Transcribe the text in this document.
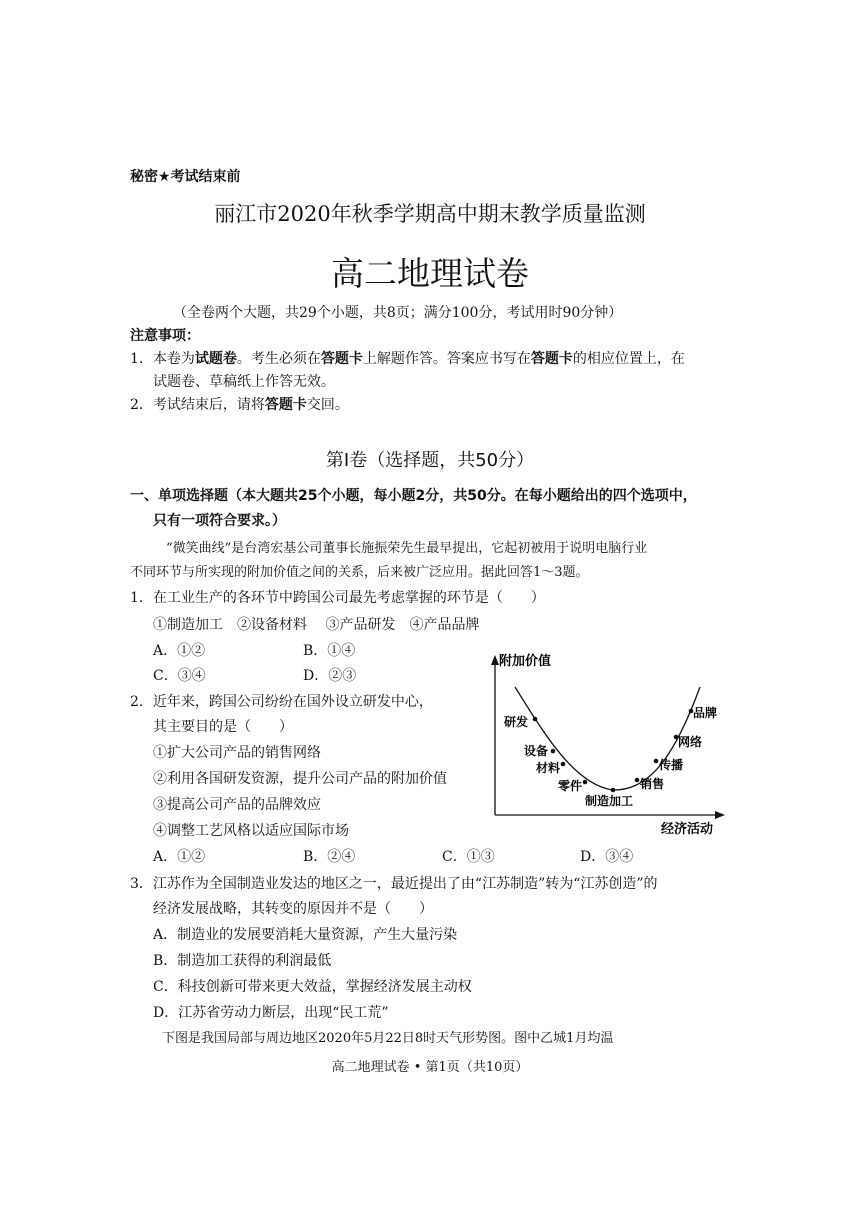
秘密★考试结束前
丽江市2020年秋季学期高中期末教学质量监测
高二地理试卷
（全卷两个大题，共29个小题，共8页；满分100分，考试用时90分钟）
注意事项：
1．本卷为试题卷。考生必须在答题卡上解题作答。答案应书写在答题卡的相应位置上，在
试题卷、草稿纸上作答无效。
2．考试结束后，请将答题卡交回。
第Ⅰ卷（选择题，共50分）
一、单项选择题（本大题共25个小题，每小题2分，共50分。在每小题给出的四个选项中，
只有一项符合要求。）
“微笑曲线”是台湾宏基公司董事长施振荣先生最早提出，它起初被用于说明电脑行业
不同环节与所实现的附加价值之间的关系，后来被广泛应用。据此回答1～3题。
1．在工业生产的各环节中跨国公司最先考虑掌握的环节是（　　）
①制造加工　②设备材料　 ③产品研发　④产品品牌
A．①②	B．①④
C．③④	D．②③
2．近年来，跨国公司纷纷在国外设立研发中心，
其主要目的是（　　）
①扩大公司产品的销售网络
②利用各国研发资源，提升公司产品的附加价值
③提高公司产品的品牌效应
④调整工艺风格以适应国际市场
A．①②	B．②④	C．①③	D．③④
附加价值
经济活动
研发
设备
材料
零件
制造加工
销售
传播
网络
品牌
3．江苏作为全国制造业发达的地区之一，最近提出了由“江苏制造”转为“江苏创造”的
经济发展战略，其转变的原因并不是（　　）
A．制造业的发展要消耗大量资源，产生大量污染
B．制造加工获得的利润最低
C．科技创新可带来更大效益，掌握经济发展主动权
D．江苏省劳动力断层，出现“民工荒”
下图是我国局部与周边地区2020年5月22日8时天气形势图。图中乙城1月均温
高二地理试卷 • 第1页（共10页）
